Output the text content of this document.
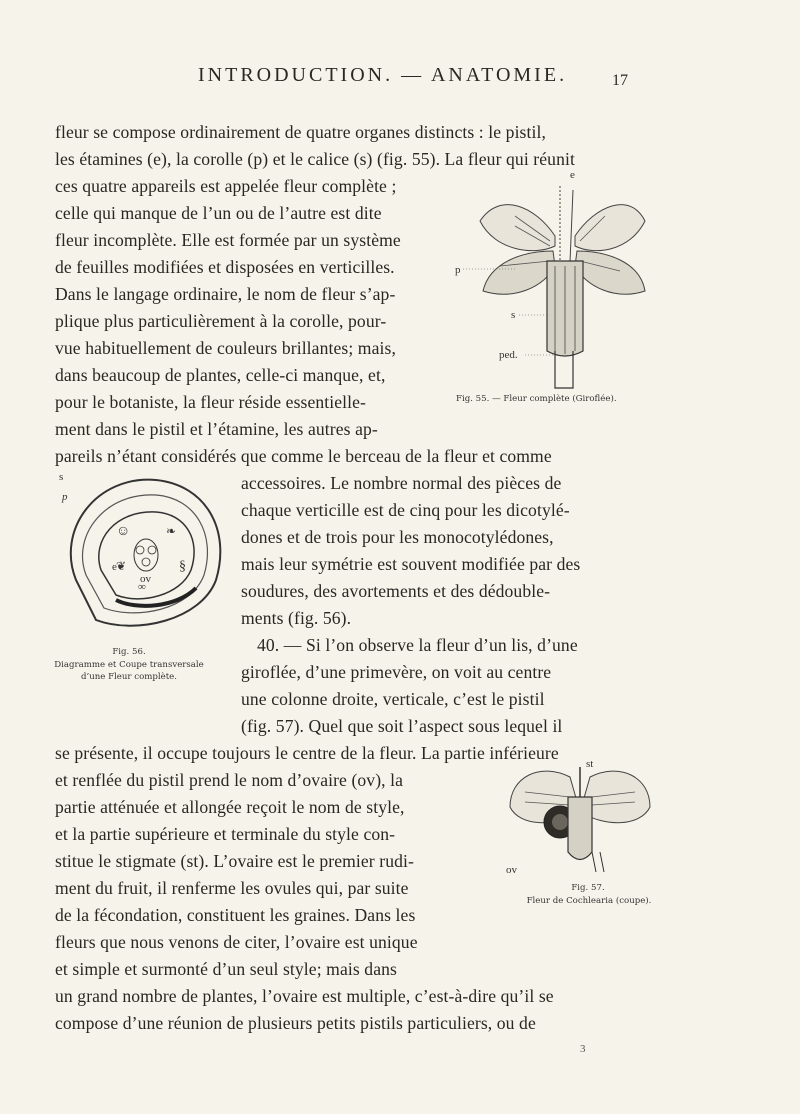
INTRODUCTION. — ANATOMIE.	17
fleur se compose ordinairement de quatre organes distincts : le pistil,
les étamines (e), la corolle (p) et le calice (s) (fig. 55). La fleur qui réunit
ces quatre appareils est appelée fleur complète ;
celle qui manque de l’un ou de l’autre est dite
fleur incomplète. Elle est formée par un système
de feuilles modifiées et disposées en verticilles.
Dans le langage ordinaire, le nom de fleur s’ap-
plique plus particulièrement à la corolle, pour-
vue habituellement de couleurs brillantes; mais,
dans beaucoup de plantes, celle-ci manque, et,
pour le botaniste, la fleur réside essentielle-
ment dans le pistil et l’étamine, les autres ap-
pareils n’étant considérés que comme le berceau de la fleur et comme
accessoires. Le nombre normal des pièces de
chaque verticille est de cinq pour les dicotylé-
dones et de trois pour les monocotylédones,
mais leur symétrie est souvent modifiée par des
soudures, des avortements et des dédouble-
ments (fig. 56).
40. — Si l’on observe la fleur d’un lis, d’une
giroflée, d’une primevère, on voit au centre
une colonne droite, verticale, c’est le pistil
(fig. 57). Quel que soit l’aspect sous lequel il
se présente, il occupe toujours le centre de la fleur. La partie inférieure
et renflée du pistil prend le nom d’ovaire (ov), la
partie atténuée et allongée reçoit le nom de style,
et la partie supérieure et terminale du style con-
stitue le stigmate (st). L’ovaire est le premier rudi-
ment du fruit, il renferme les ovules qui, par suite
de la fécondation, constituent les graines. Dans les
fleurs que nous venons de citer, l’ovaire est unique
et simple et surmonté d’un seul style; mais dans
un grand nombre de plantes, l’ovaire est multiple, c’est-à-dire qu’il se
compose d’une réunion de plusieurs petits pistils particuliers, ou de
e
p
s
ped.
Fig. 55. — Fleur complète (Giroflée).
☺	❧
❦	§
∞
s
p
e
ov
Fig. 56.
Diagramme et Coupe transversale
d’une Fleur complète.
st
ov
Fig. 57.
Fleur de Cochlearia (coupe).
3
